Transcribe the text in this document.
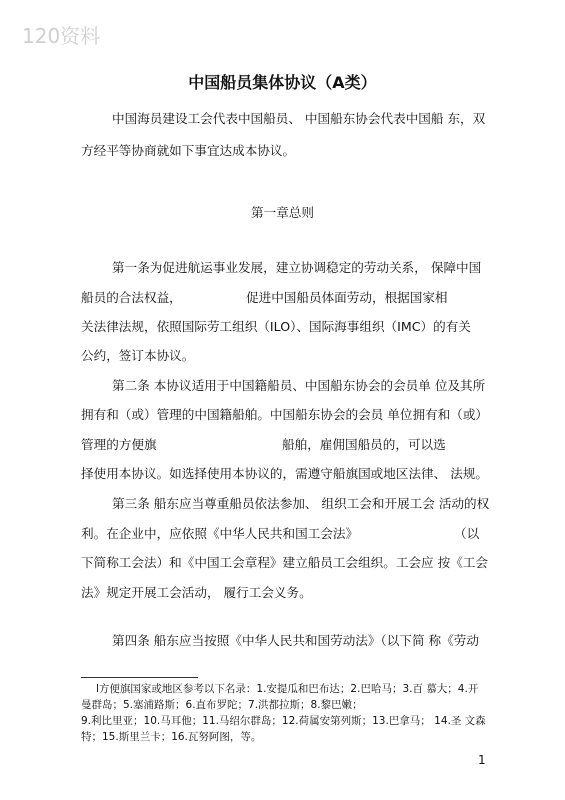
120资料
中国船员集体协议（A类）
中国海员建设工会代表中国船员、 中国船东协会代表中国船 东，双
方经平等协商就如下事宜达成本协议。
第一章总则
第一条为促进航运事业发展，建立协调稳定的劳动关系， 保障中国
船员的合法权益，	促进中国船员体面劳动，根据国家相
关法律法规，依照国际劳工组织（ILO）、国际海事组织（IMC）的有关
公约，签订本协议。
第二条 本协议适用于中国籍船员、中国船东协会的会员单 位及其所
拥有和（或）管理的中国籍船舶。中国船东协会的会员 单位拥有和（或）
管理的方便旗	船舶，雇佣国船员的，可以选
择使用本协议。如选择使用本协议的，需遵守船旗国或地区法律、 法规。
第三条 船东应当尊重船员依法参加、 组织工会和开展工会 活动的权
利。在企业中，应依照《中华人民共和国工会法》	（以
下简称工会法）和《中国工会章程》建立船员工会组织。工会应 按《工会
法》规定开展工会活动， 履行工会义务。
第四条 船东应当按照《中华人民共和国劳动法》（以下简 称《劳动
l方便旗国家或地区参考以下名录：1.安提瓜和巴布达；2.巴哈马；3.百 慕大；4.开
曼群岛；5.塞浦路斯；6.直布罗陀；7.洪都拉斯；8.黎巴嫩；
9.利比里亚；10.马耳他；11.马绍尔群岛；12.荷属安第列斯；13.巴拿马； 14.圣 文森
特；15.斯里兰卡；16.瓦努阿图，等。
1
